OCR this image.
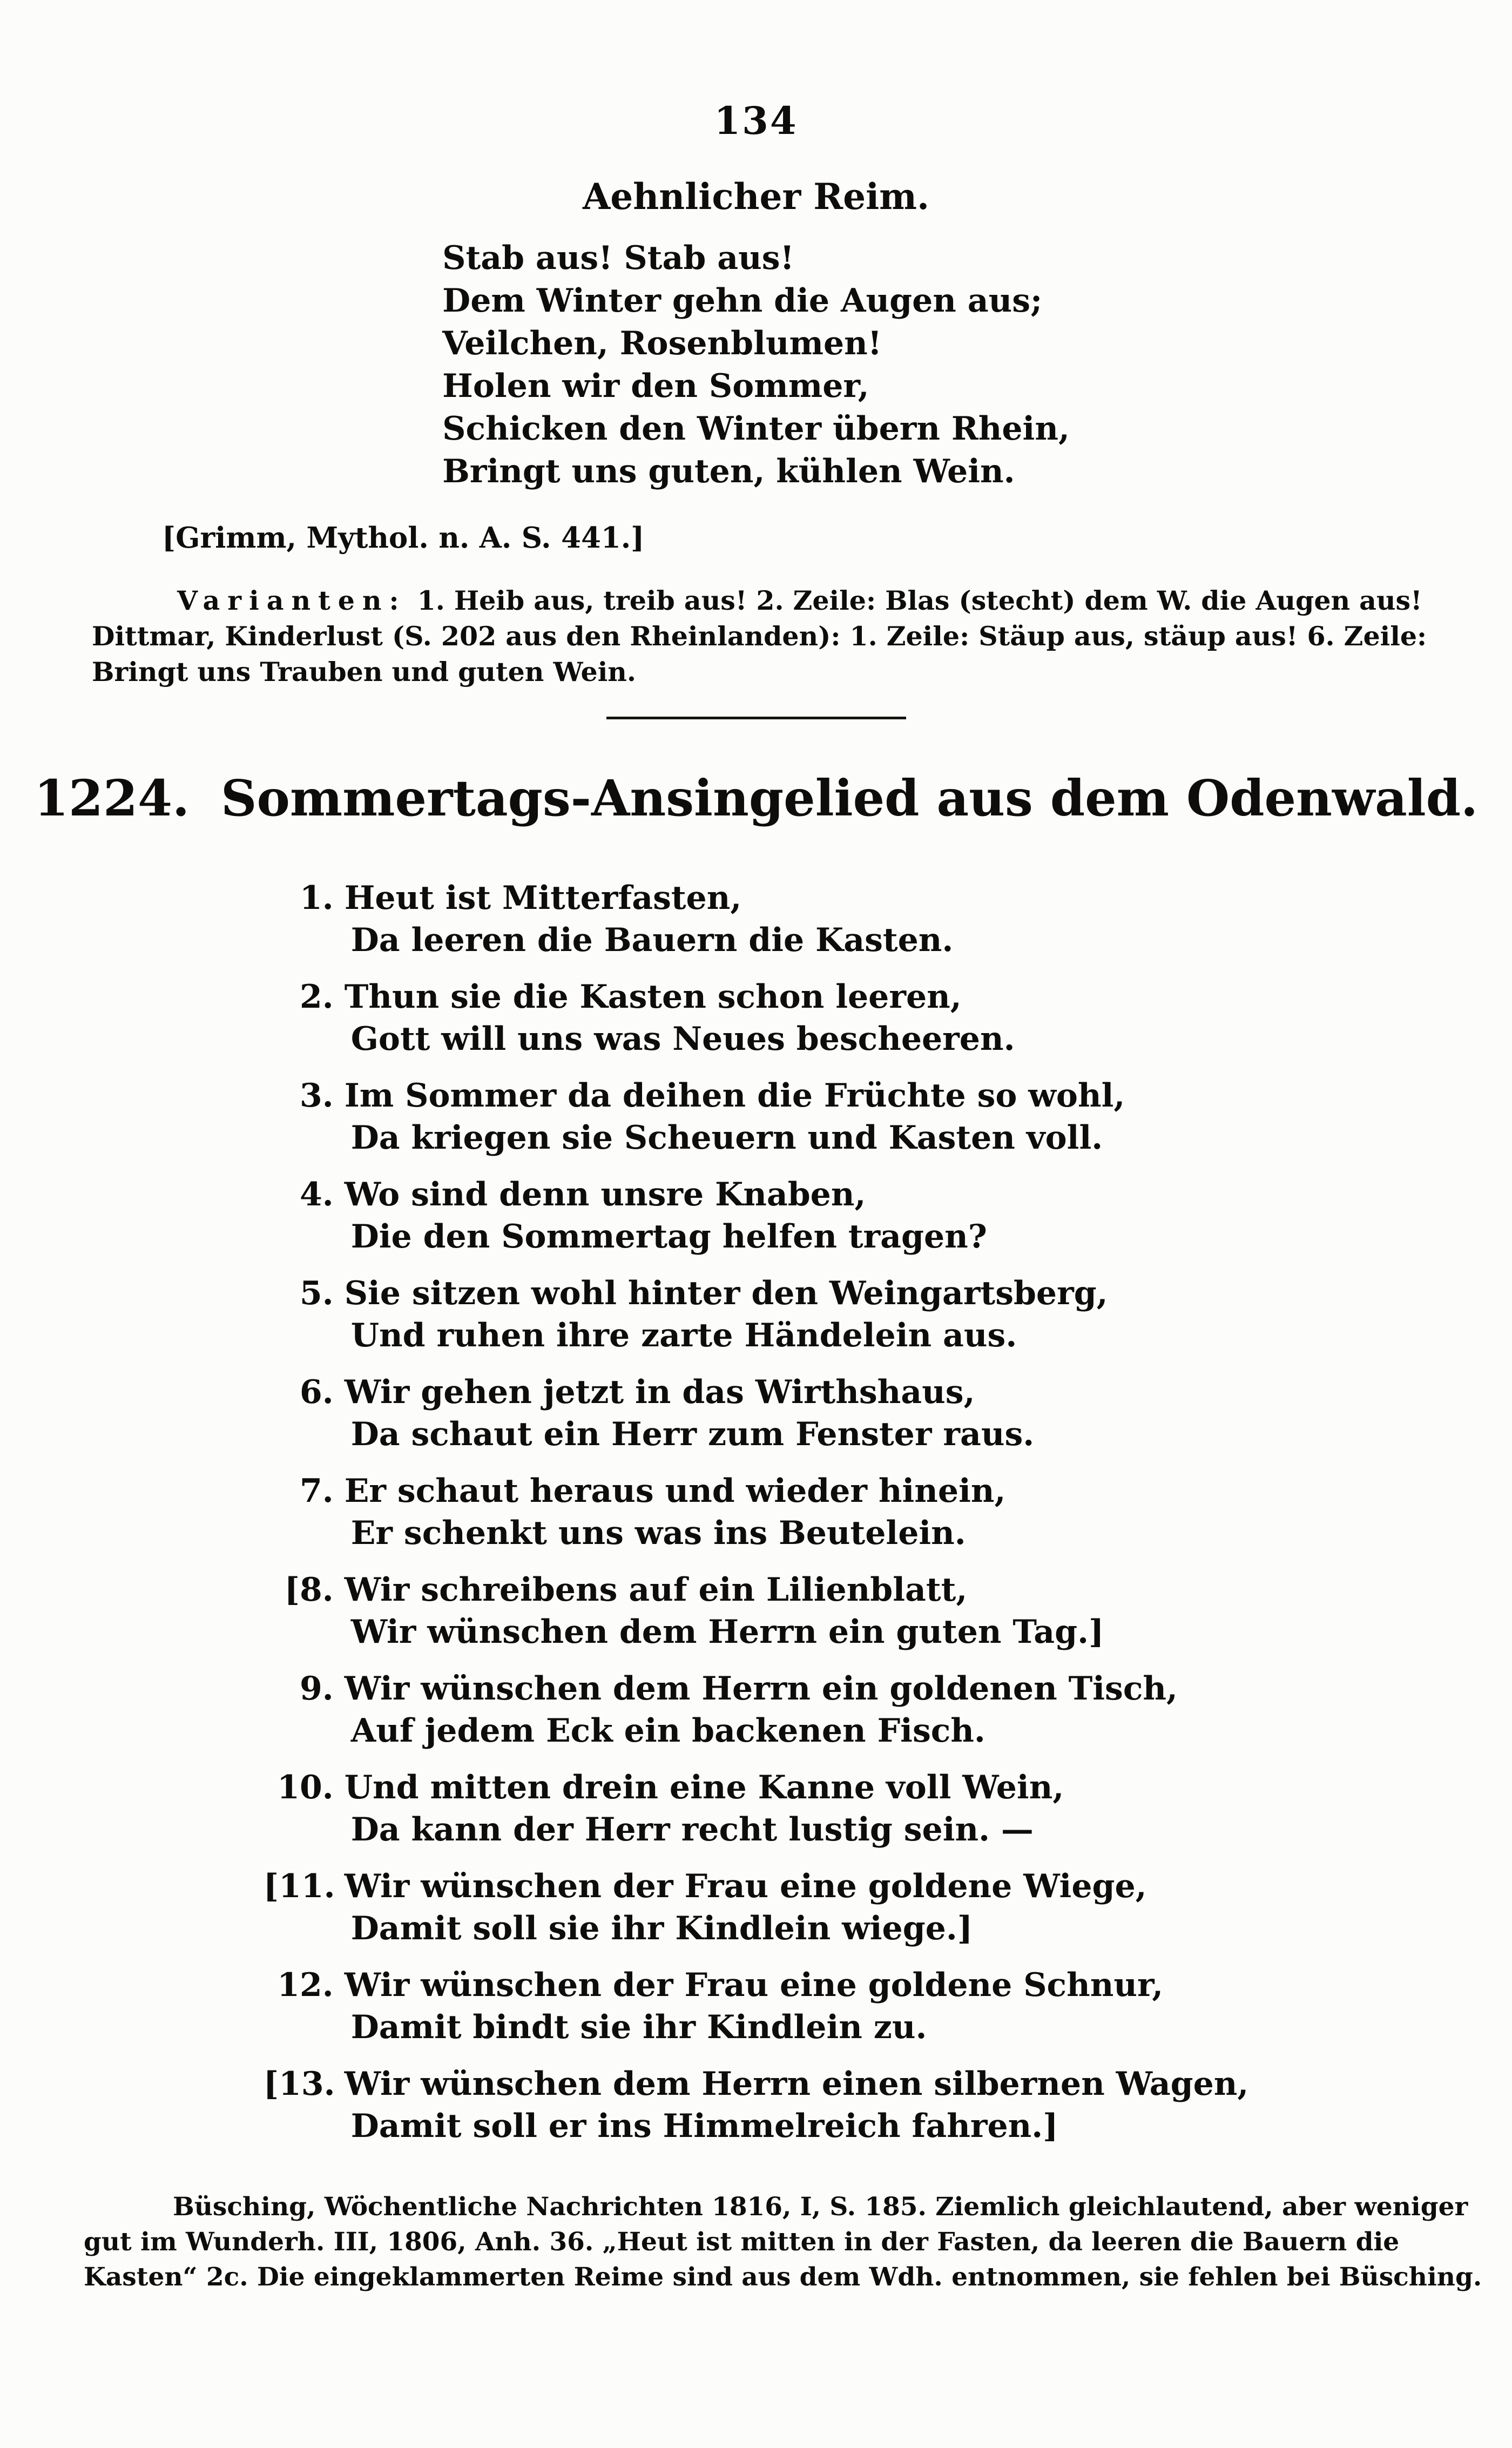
134
Aehnlicher Reim.
Stab aus! Stab aus!
Dem Winter gehn die Augen aus;
Veilchen, Rosenblumen!
Holen wir den Sommer,
Schicken den Winter übern Rhein,
Bringt uns guten, kühlen Wein.
[Grimm, Mythol. n. A. S. 441.]
Varianten: 1. Heib aus, treib aus! 2. Zeile: Blas (stecht) dem W. die Augen aus!
Dittmar, Kinderlust (S. 202 aus den Rheinlanden): 1. Zeile: Stäup aus, stäup aus! 6. Zeile:
Bringt uns Trauben und guten Wein.
1224. Sommertags-Ansingelied aus dem Odenwald.
1. Heut ist Mitterfasten,
Da leeren die Bauern die Kasten.
2. Thun sie die Kasten schon leeren,
Gott will uns was Neues bescheeren.
3. Im Sommer da deihen die Früchte so wohl,
Da kriegen sie Scheuern und Kasten voll.
4. Wo sind denn unsre Knaben,
Die den Sommertag helfen tragen?
5. Sie sitzen wohl hinter den Weingartsberg,
Und ruhen ihre zarte Händelein aus.
6. Wir gehen jetzt in das Wirthshaus,
Da schaut ein Herr zum Fenster raus.
7. Er schaut heraus und wieder hinein,
Er schenkt uns was ins Beutelein.
[8. Wir schreibens auf ein Lilienblatt,
Wir wünschen dem Herrn ein guten Tag.]
9. Wir wünschen dem Herrn ein goldenen Tisch,
Auf jedem Eck ein backenen Fisch.
10. Und mitten drein eine Kanne voll Wein,
Da kann der Herr recht lustig sein. —
[11. Wir wünschen der Frau eine goldene Wiege,
Damit soll sie ihr Kindlein wiege.]
12. Wir wünschen der Frau eine goldene Schnur,
Damit bindt sie ihr Kindlein zu.
[13. Wir wünschen dem Herrn einen silbernen Wagen,
Damit soll er ins Himmelreich fahren.]
Büsching, Wöchentliche Nachrichten 1816, I, S. 185. Ziemlich gleichlautend, aber weniger
gut im Wunderh. III, 1806, Anh. 36. „Heut ist mitten in der Fasten, da leeren die Bauern die
Kasten“ 2c. Die eingeklammerten Reime sind aus dem Wdh. entnommen, sie fehlen bei Büsching.
